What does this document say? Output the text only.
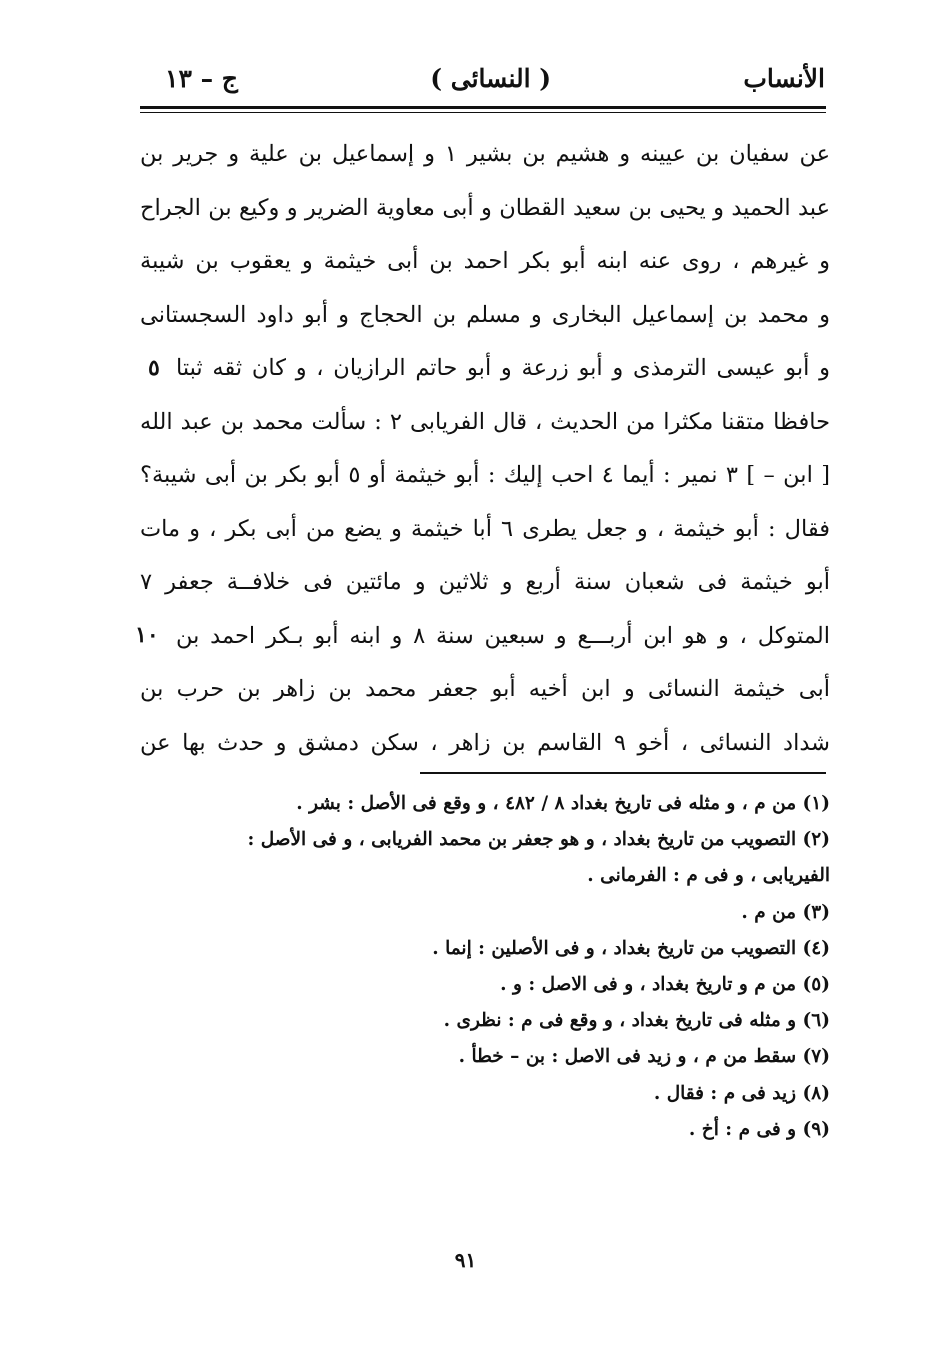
الأنساب
( النسائى )
ج – ١٣
عن سفيان بن عيينه و هشيم بن بشير ١ و إسماعيل بن علية و جرير بن
عبد الحميد و يحيى بن سعيد القطان و أبى معاوية الضرير و وكيع بن الجراح
و غيرهم ، روى عنه ابنه أبو بكر احمد بن أبى خيثمة و يعقوب بن شيبة
و محمد بن إسماعيل البخارى و مسلم بن الحجاج و أبو داود السجستانى
و أبو عيسى الترمذى و أبو زرعة و أبو حاتم الرازيان ، و كان ثقه ثبتا
حافظا متقنا مكثرا من الحديث ، قال الفريابى ٢ : سألت محمد بن عبد الله
[ ابن – ] ٣ نمير : أيما ٤ احب إليك : أبو خيثمة أو ٥ أبو بكر بن أبى شيبة؟
فقال : أبو خيثمة ، و جعل يطرى ٦ أبا خيثمة و يضع من أبى بكر ، و مات
أبو خيثمة فى شعبان سنة أربع و ثلاثين و مائتين فى خلافــة جعفر ٧
المتوكل ، و هو ابن أربـــع و سبعين سنة ٨ و ابنه أبو بـكر احمد بن
أبى خيثمة النسائى و ابن أخيه أبو جعفر محمد بن زاهر بن حرب بن
شداد النسائى ، أخو ٩ القاسم بن زاهر ، سكن دمشق و حدث بها عن
٥
١٠
(١) من م ، و مثله فى تاريخ بغداد ٨ / ٤٨٢ ، و وقع فى الأصل : بشر .
(٢) التصويب من تاريخ بغداد ، و هو جعفر بن محمد الفريابى ، و فى الأصل :
الفيريابى ، و فى م : الفرمانى .
(٣) من م .
(٤) التصويب من تاريخ بغداد ، و فى الأصلين : إنما .
(٥) من م و تاريخ بغداد ، و فى الاصل : و .
(٦) و مثله فى تاريخ بغداد ، و وقع فى م : نظرى .
(٧) سقط من م ، و زيد فى الاصل : بن – خطأ .
(٨) زيد فى م : فقال .
(٩) و فى م : أخ .
٩١
